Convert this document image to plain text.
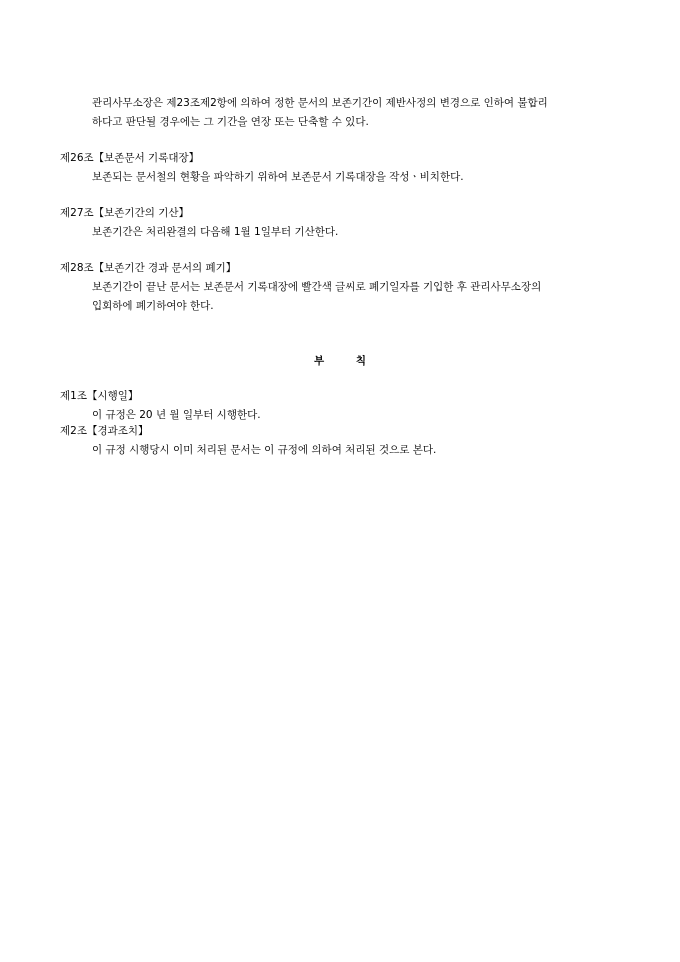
관리사무소장은 제23조제2항에 의하여 정한 문서의 보존기간이 제반사정의 변경으로 인하여 불합리
하다고 판단될 경우에는 그 기간을 연장 또는 단축할 수 있다.
제26조【보존문서 기록대장】
보존되는 문서철의 현황을 파악하기 위하여 보존문서 기록대장을 작성ㆍ비치한다.
제27조【보존기간의 기산】
보존기간은 처리완결의 다음해 1월 1일부터 기산한다.
제28조【보존기간 경과 문서의 폐기】
보존기간이 끝난 문서는 보존문서 기록대장에 빨간색 글씨로 폐기일자를 기입한 후 관리사무소장의
입회하에 폐기하여야 한다.
부 칙
제1조【시행일】
이 규정은 20 년 월 일부터 시행한다.
제2조【경과조치】
이 규정 시행당시 이미 처리된 문서는 이 규정에 의하여 처리된 것으로 본다.
